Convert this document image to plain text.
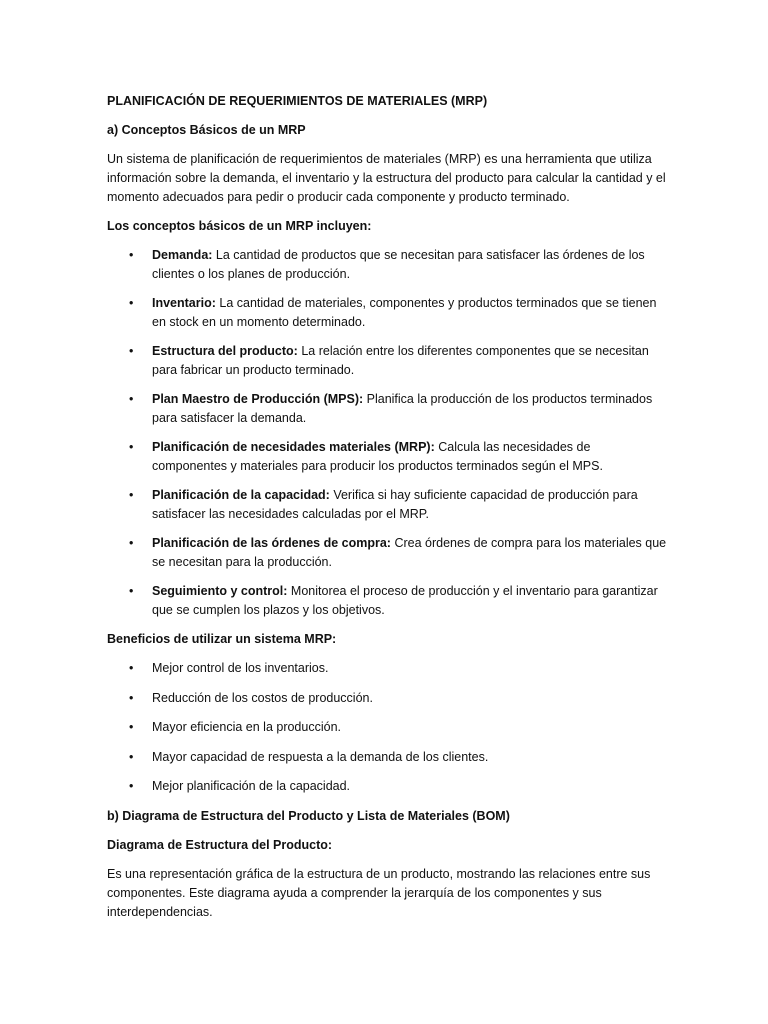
PLANIFICACIÓN DE REQUERIMIENTOS DE MATERIALES (MRP)

a) Conceptos Básicos de un MRP

Un sistema de planificación de requerimientos de materiales (MRP) es una herramienta que utiliza información sobre la demanda, el inventario y la estructura del producto para calcular la cantidad y el momento adecuados para pedir o producir cada componente y producto terminado.

Los conceptos básicos de un MRP incluyen:

• Demanda: La cantidad de productos que se necesitan para satisfacer las órdenes de los clientes o los planes de producción.
• Inventario: La cantidad de materiales, componentes y productos terminados que se tienen en stock en un momento determinado.
• Estructura del producto: La relación entre los diferentes componentes que se necesitan para fabricar un producto terminado.
• Plan Maestro de Producción (MPS): Planifica la producción de los productos terminados para satisfacer la demanda.
• Planificación de necesidades materiales (MRP): Calcula las necesidades de componentes y materiales para producir los productos terminados según el MPS.
• Planificación de la capacidad: Verifica si hay suficiente capacidad de producción para satisfacer las necesidades calculadas por el MRP.
• Planificación de las órdenes de compra: Crea órdenes de compra para los materiales que se necesitan para la producción.
• Seguimiento y control: Monitorea el proceso de producción y el inventario para garantizar que se cumplen los plazos y los objetivos.

Beneficios de utilizar un sistema MRP:

• Mejor control de los inventarios.
• Reducción de los costos de producción.
• Mayor eficiencia en la producción.
• Mayor capacidad de respuesta a la demanda de los clientes.
• Mejor planificación de la capacidad.

b) Diagrama de Estructura del Producto y Lista de Materiales (BOM)

Diagrama de Estructura del Producto:

Es una representación gráfica de la estructura de un producto, mostrando las relaciones entre sus componentes. Este diagrama ayuda a comprender la jerarquía de los componentes y sus interdependencias.
